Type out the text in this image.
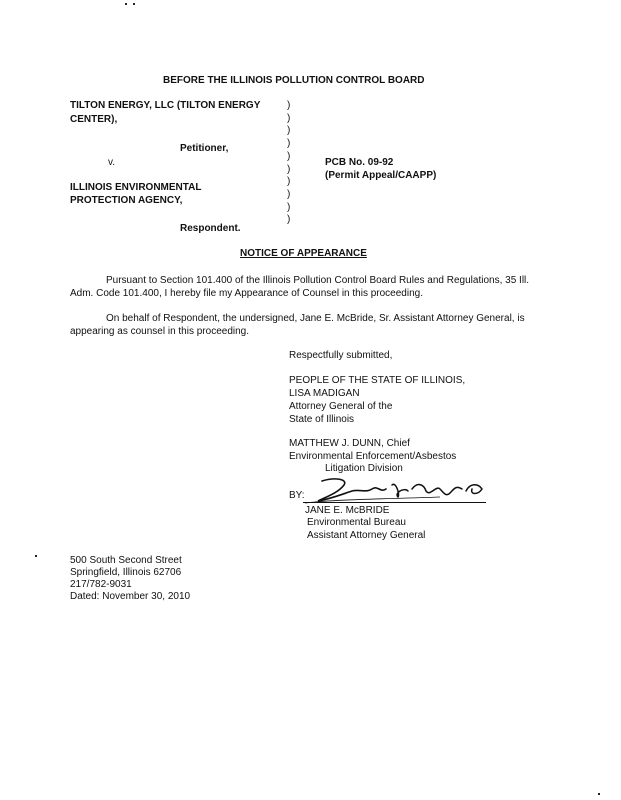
BEFORE THE ILLINOIS POLLUTION CONTROL BOARD
TILTON ENERGY, LLC (TILTON ENERGY
CENTER),
Petitioner,
v.
ILLINOIS ENVIRONMENTAL
PROTECTION AGENCY,
Respondent.
)
)
)
)
)
)
)
)
)
)
PCB No. 09-92
(Permit Appeal/CAAPP)
NOTICE OF APPEARANCE
Pursuant to Section 101.400 of the Illinois Pollution Control Board Rules and Regulations, 35 Ill. Adm. Code 101.400, I hereby file my Appearance of Counsel in this proceeding.
On behalf of Respondent, the undersigned, Jane E. McBride, Sr. Assistant Attorney General, is appearing as counsel in this proceeding.
Respectfully submitted,
PEOPLE OF THE STATE OF ILLINOIS,
LISA MADIGAN
Attorney General of the
State of Illinois
MATTHEW J. DUNN, Chief
Environmental Enforcement/Asbestos
Litigation Division
BY:
JANE E. McBRIDE
Environmental Bureau
Assistant Attorney General
500 South Second Street
Springfield, Illinois 62706
217/782-9031
Dated: November 30, 2010
